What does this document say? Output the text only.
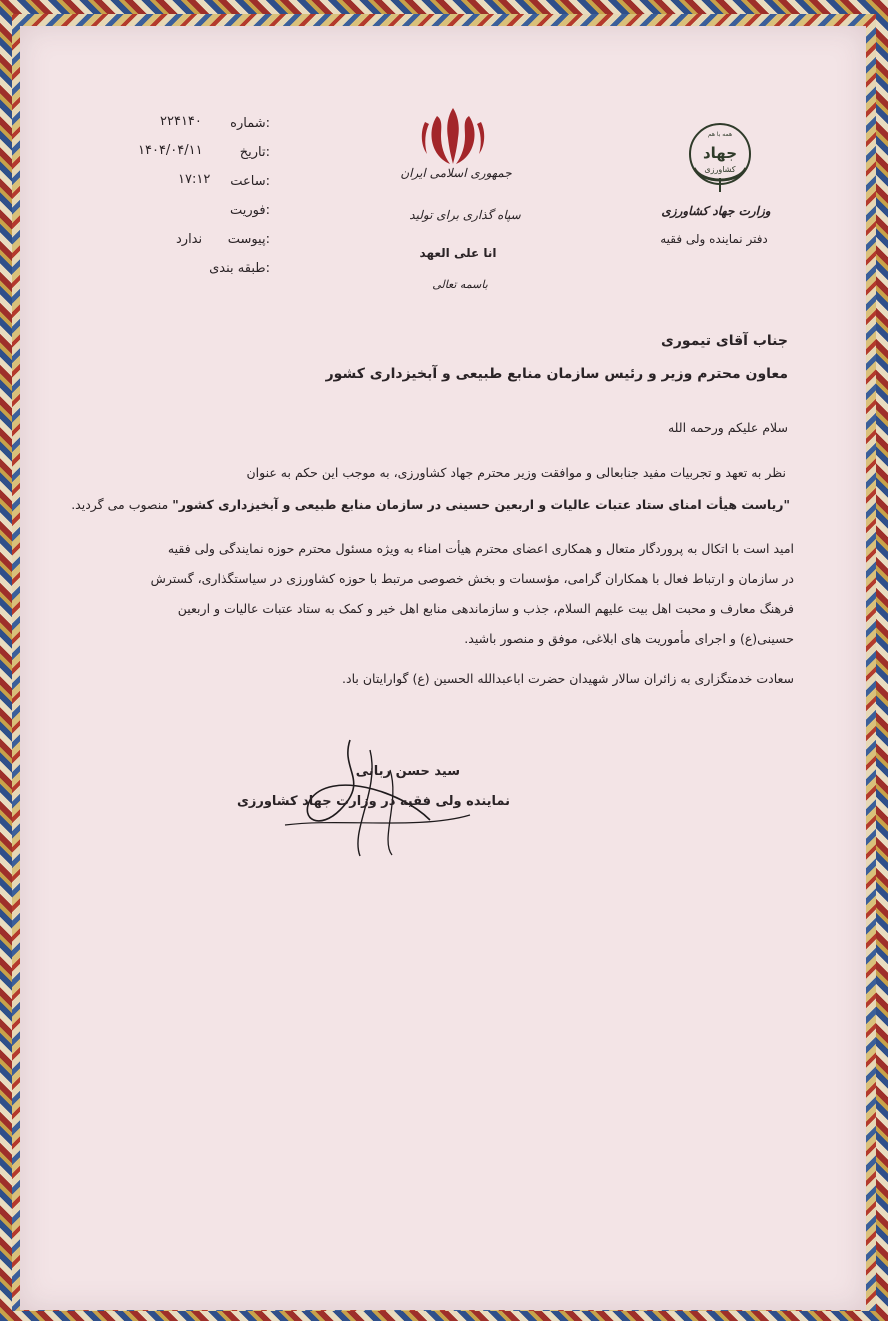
شماره:
۲۲۴۱۴۰
تاریخ:
۱۴۰۴/۰۴/۱۱
ساعت:
۱۷:۱۲
فوریت:
پیوست:
ندارد
طبقه بندی:
جمهوری اسلامی ایران
سپاه گذاری برای تولید
انا علی العهد
باسمه تعالی
جهاد
کشاورزی
همه با هم
وزارت جهاد کشاورزی
دفتر نماینده ولی فقیه
جناب آقای تیموری
معاون محترم وزیر و رئیس سازمان منابع طبیعی و آبخیزداری کشور
سلام علیکم ورحمه الله
نظر به تعهد و تجربیات مفید جنابعالی و موافقت وزیر محترم جهاد کشاورزی، به موجب این حکم به عنوان
"ریاست هیأت امنای ستاد عتبات عالیات و اربعین حسینی در سازمان منابع طبیعی و آبخیزداری کشور" منصوب می گردید.
امید است با اتکال به پروردگار متعال و همکاری اعضای محترم هیأت امناء به ویژه مسئول محترم حوزه نمایندگی ولی فقیه
در سازمان و ارتباط فعال با همکاران گرامی، مؤسسات و بخش خصوصی مرتبط با حوزه کشاورزی در سیاستگذاری، گسترش
فرهنگ معارف و محبت اهل بیت علیهم السلام، جذب و سازماندهی منابع اهل خیر و کمک به ستاد عتبات عالیات و اربعین
حسینی(ع) و اجرای مأموریت های ابلاغی، موفق و منصور باشید.
سعادت خدمتگزاری به زائران سالار شهیدان حضرت اباعبدالله الحسین (ع) گوارایتان باد.
سید حسن ربانی
نماینده ولی فقیه در وزارت جهاد کشاورزی
